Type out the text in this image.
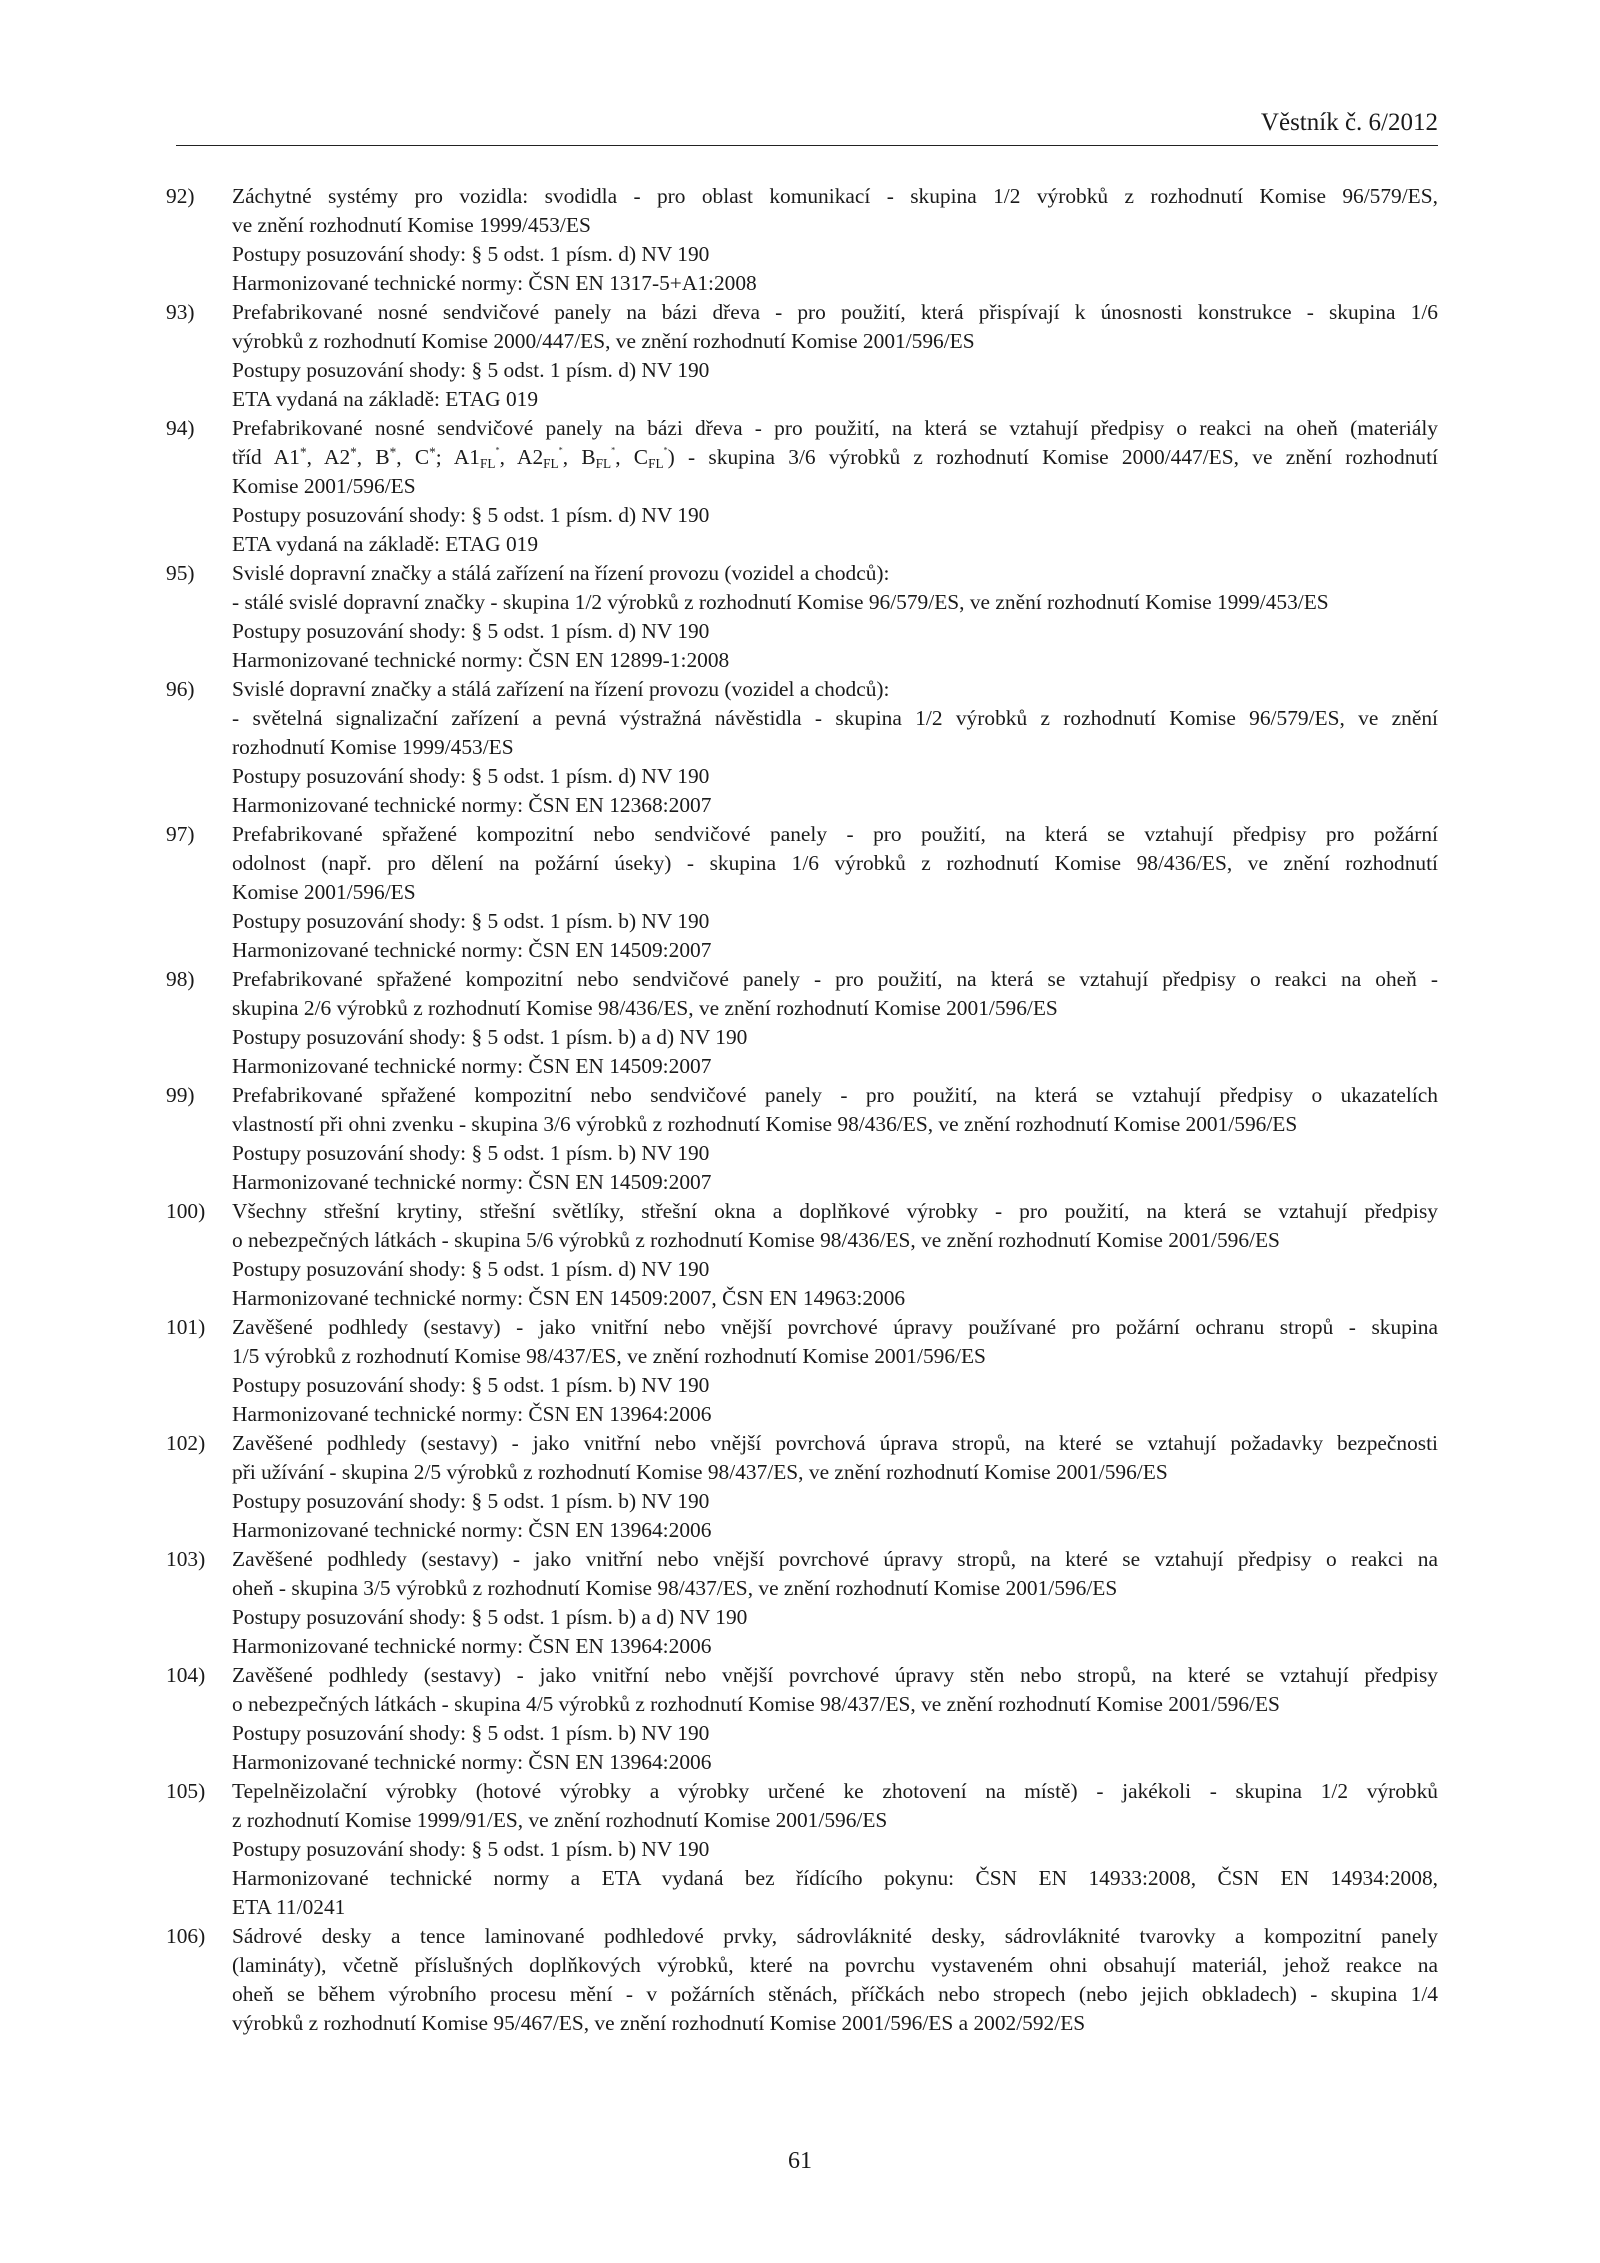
Věstník č. 6/2012
92)	Záchytné systémy pro vozidla: svodidla - pro oblast komunikací - skupina 1/2 výrobků z rozhodnutí Komise 96/579/ES,
ve znění rozhodnutí Komise 1999/453/ES
Postupy posuzování shody: § 5 odst. 1 písm. d) NV 190
Harmonizované technické normy: ČSN EN 1317-5+A1:2008
93)	Prefabrikované nosné sendvičové panely na bázi dřeva - pro použití, která přispívají k únosnosti konstrukce - skupina 1/6
výrobků z rozhodnutí Komise 2000/447/ES, ve znění rozhodnutí Komise 2001/596/ES
Postupy posuzování shody: § 5 odst. 1 písm. d) NV 190
ETA vydaná na základě: ETAG 019
94)	Prefabrikované nosné sendvičové panely na bázi dřeva - pro použití, na která se vztahují předpisy o reakci na oheň (materiály
tříd A1*, A2*, B*, C*; $A1_{FL}^{^*}$, $A2_{FL}^{^*}$, $B_{FL}^{^*}$, $C_{FL}^{^*}$) - skupina 3/6 výrobků z rozhodnutí Komise 2000/447/ES, ve znění rozhodnutí
Komise 2001/596/ES
Postupy posuzování shody: § 5 odst. 1 písm. d) NV 190
ETA vydaná na základě: ETAG 019
95)	Svislé dopravní značky a stálá zařízení na řízení provozu (vozidel a chodců):
- stálé svislé dopravní značky - skupina 1/2 výrobků z rozhodnutí Komise 96/579/ES, ve znění rozhodnutí Komise 1999/453/ES
Postupy posuzování shody: § 5 odst. 1 písm. d) NV 190
Harmonizované technické normy: ČSN EN 12899-1:2008
96)	Svislé dopravní značky a stálá zařízení na řízení provozu (vozidel a chodců):
- světelná signalizační zařízení a pevná výstražná návěstidla - skupina 1/2 výrobků z rozhodnutí Komise 96/579/ES, ve znění
rozhodnutí Komise 1999/453/ES
Postupy posuzování shody: § 5 odst. 1 písm. d) NV 190
Harmonizované technické normy: ČSN EN 12368:2007
97)	Prefabrikované spřažené kompozitní nebo sendvičové panely - pro použití, na která se vztahují předpisy pro požární
odolnost (např. pro dělení na požární úseky) - skupina 1/6 výrobků z rozhodnutí Komise 98/436/ES, ve znění rozhodnutí
Komise 2001/596/ES
Postupy posuzování shody: § 5 odst. 1 písm. b) NV 190
Harmonizované technické normy: ČSN EN 14509:2007
98)	Prefabrikované spřažené kompozitní nebo sendvičové panely - pro použití, na která se vztahují předpisy o reakci na oheň -
skupina 2/6 výrobků z rozhodnutí Komise 98/436/ES, ve znění rozhodnutí Komise 2001/596/ES
Postupy posuzování shody: § 5 odst. 1 písm. b) a d) NV 190
Harmonizované technické normy: ČSN EN 14509:2007
99)	Prefabrikované spřažené kompozitní nebo sendvičové panely - pro použití, na která se vztahují předpisy o ukazatelích
vlastností při ohni zvenku - skupina 3/6 výrobků z rozhodnutí Komise 98/436/ES, ve znění rozhodnutí Komise 2001/596/ES
Postupy posuzování shody: § 5 odst. 1 písm. b) NV 190
Harmonizované technické normy: ČSN EN 14509:2007
100)	Všechny střešní krytiny, střešní světlíky, střešní okna a doplňkové výrobky - pro použití, na která se vztahují předpisy
o nebezpečných látkách - skupina 5/6 výrobků z rozhodnutí Komise 98/436/ES, ve znění rozhodnutí Komise 2001/596/ES
Postupy posuzování shody: § 5 odst. 1 písm. d) NV 190
Harmonizované technické normy: ČSN EN 14509:2007, ČSN EN 14963:2006
101)	Zavěšené podhledy (sestavy) - jako vnitřní nebo vnější povrchové úpravy používané pro požární ochranu stropů - skupina
1/5 výrobků z rozhodnutí Komise 98/437/ES, ve znění rozhodnutí Komise 2001/596/ES
Postupy posuzování shody: § 5 odst. 1 písm. b) NV 190
Harmonizované technické normy: ČSN EN 13964:2006
102)	Zavěšené podhledy (sestavy) - jako vnitřní nebo vnější povrchová úprava stropů, na které se vztahují požadavky bezpečnosti
při užívání - skupina 2/5 výrobků z rozhodnutí Komise 98/437/ES, ve znění rozhodnutí Komise 2001/596/ES
Postupy posuzování shody: § 5 odst. 1 písm. b) NV 190
Harmonizované technické normy: ČSN EN 13964:2006
103)	Zavěšené podhledy (sestavy) - jako vnitřní nebo vnější povrchové úpravy stropů, na které se vztahují předpisy o reakci na
oheň - skupina 3/5 výrobků z rozhodnutí Komise 98/437/ES, ve znění rozhodnutí Komise 2001/596/ES
Postupy posuzování shody: § 5 odst. 1 písm. b) a d) NV 190
Harmonizované technické normy: ČSN EN 13964:2006
104)	Zavěšené podhledy (sestavy) - jako vnitřní nebo vnější povrchové úpravy stěn nebo stropů, na které se vztahují předpisy
o nebezpečných látkách - skupina 4/5 výrobků z rozhodnutí Komise 98/437/ES, ve znění rozhodnutí Komise 2001/596/ES
Postupy posuzování shody: § 5 odst. 1 písm. b) NV 190
Harmonizované technické normy: ČSN EN 13964:2006
105)	Tepelněizolační výrobky (hotové výrobky a výrobky určené ke zhotovení na místě) - jakékoli - skupina 1/2 výrobků
z rozhodnutí Komise 1999/91/ES, ve znění rozhodnutí Komise 2001/596/ES
Postupy posuzování shody: § 5 odst. 1 písm. b) NV 190
Harmonizované technické normy a ETA vydaná bez řídícího pokynu: ČSN EN 14933:2008, ČSN EN 14934:2008,
ETA 11/0241
106)	Sádrové desky a tence laminované podhledové prvky, sádrovláknité desky, sádrovláknité tvarovky a kompozitní panely
(lamináty), včetně příslušných doplňkových výrobků, které na povrchu vystaveném ohni obsahují materiál, jehož reakce na
oheň se během výrobního procesu mění - v požárních stěnách, příčkách nebo stropech (nebo jejich obkladech) - skupina 1/4
výrobků z rozhodnutí Komise 95/467/ES, ve znění rozhodnutí Komise 2001/596/ES a 2002/592/ES
61
